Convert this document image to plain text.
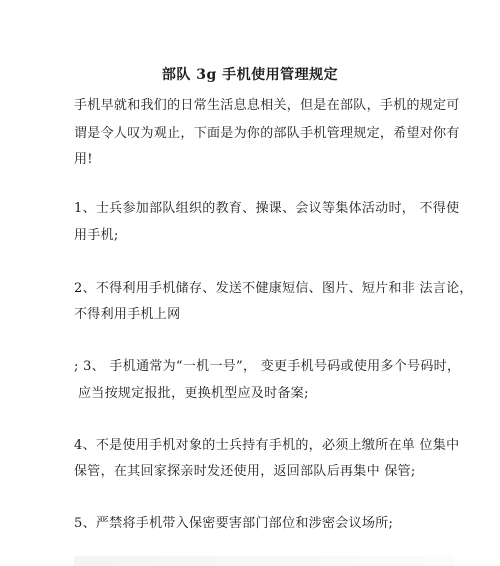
部队 3g 手机使用管理规定
手机早就和我们的日常生活息息相关，但是在部队，手机的规定可
谓是令人叹为观止，下面是为你的部队手机管理规定，希望对你有
用!
1、士兵参加部队组织的教育、操课、会议等集体活动时， 不得使
用手机;
2、不得利用手机储存、发送不健康短信、图片、短片和非 法言论，
不得利用手机上网
; 3、 手机通常为“一机一号”， 变更手机号码或使用多个号码时，
应当按规定报批，更换机型应及时备案;
4、不是使用手机对象的士兵持有手机的，必须上缴所在单 位集中
保管，在其回家探亲时发还使用，返回部队后再集中 保管;
5、严禁将手机带入保密要害部门部位和涉密会议场所;
